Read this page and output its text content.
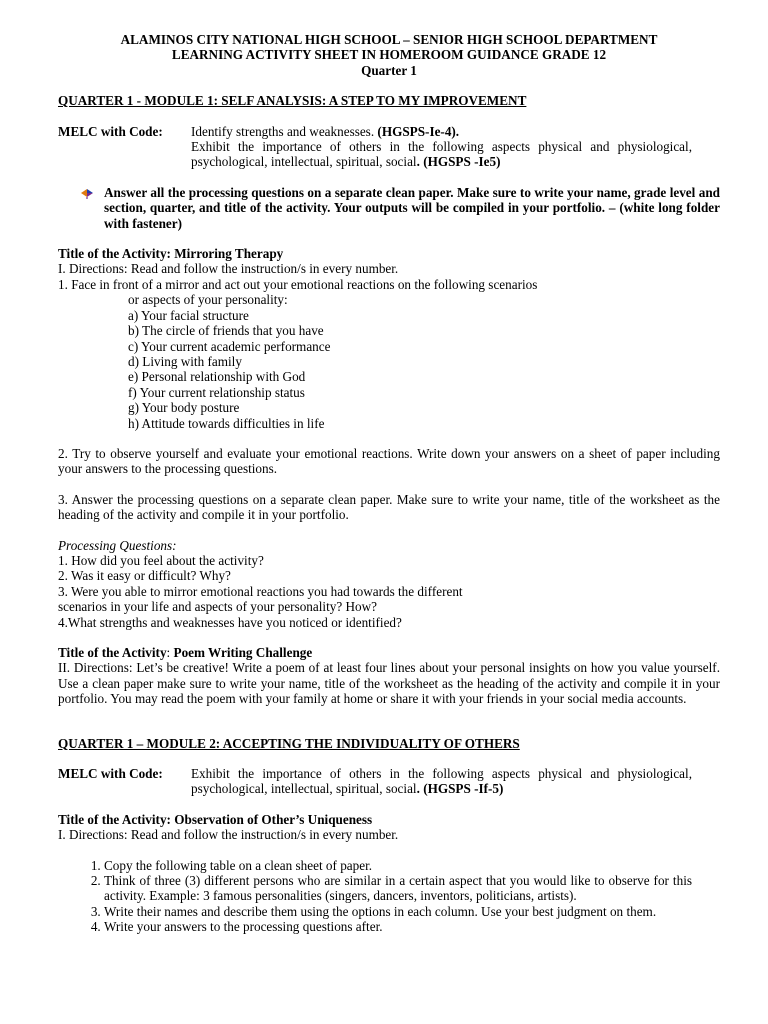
ALAMINOS CITY NATIONAL HIGH SCHOOL – SENIOR HIGH SCHOOL DEPARTMENT
LEARNING ACTIVITY SHEET IN HOMEROOM GUIDANCE GRADE 12
Quarter 1
QUARTER 1 - MODULE 1: SELF ANALYSIS: A STEP TO MY IMPROVEMENT
MELC with Code:	Identify strengths and weaknesses. (HGSPS-Ie-4).
Exhibit the importance of others in the following aspects physical and physiological, psychological, intellectual, spiritual, social. (HGSPS -Ie5)
Answer all the processing questions on a separate clean paper. Make sure to write your name, grade level and section, quarter, and title of the activity. Your outputs will be compiled in your portfolio. – (white long folder with fastener)
Title of the Activity: Mirroring Therapy
I. Directions: Read and follow the instruction/s in every number.
1. Face in front of a mirror and act out your emotional reactions on the following scenarios
or aspects of your personality:
a) Your facial structure
b) The circle of friends that you have
c) Your current academic performance
d) Living with family
e) Personal relationship with God
f) Your current relationship status
g) Your body posture
h) Attitude towards difficulties in life
2. Try to observe yourself and evaluate your emotional reactions. Write down your answers on a sheet of paper including your answers to the processing questions.
3. Answer the processing questions on a separate clean paper. Make sure to write your name, title of the worksheet as the heading of the activity and compile it in your portfolio.
Processing Questions:
1. How did you feel about the activity?
2. Was it easy or difficult? Why?
3. Were you able to mirror emotional reactions you had towards the different
scenarios in your life and aspects of your personality? How?
4.What strengths and weaknesses have you noticed or identified?
Title of the Activity: Poem Writing Challenge
II. Directions: Let’s be creative! Write a poem of at least four lines about your personal insights on how you value yourself. Use a clean paper make sure to write your name, title of the worksheet as the heading of the activity and compile it in your portfolio. You may read the poem with your family at home or share it with your friends in your social media accounts.
QUARTER 1 – MODULE 2: ACCEPTING THE INDIVIDUALITY OF OTHERS
MELC with Code:	Exhibit the importance of others in the following aspects physical and physiological, psychological, intellectual, spiritual, social. (HGSPS -If-5)
Title of the Activity: Observation of Other’s Uniqueness
I. Directions: Read and follow the instruction/s in every number.
1. Copy the following table on a clean sheet of paper.
2. Think of three (3) different persons who are similar in a certain aspect that you would like to observe for this activity. Example: 3 famous personalities (singers, dancers, inventors, politicians, artists).
3. Write their names and describe them using the options in each column. Use your best judgment on them.
4. Write your answers to the processing questions after.
